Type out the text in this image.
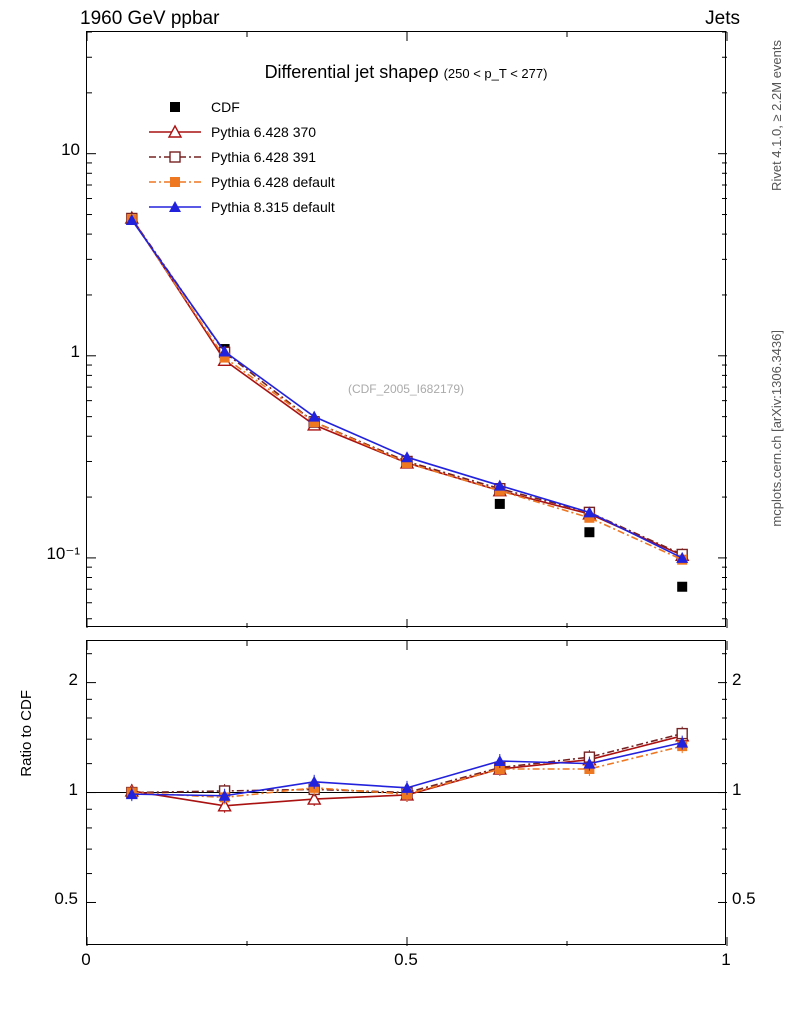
1960 GeV ppbar	Jets
Rivet 4.1.0, ≥ 2.2M events
mcplots.cern.ch [arXiv:1306.3436]
Differential jet shapeρ (250 < p_T < 277)
(CDF_2005_I682179)
CDF
Pythia 6.428 370
Pythia 6.428 391
Pythia 6.428 default
Pythia 8.315 default
Ratio to CDF
10⁻¹
1
10
0.5	0.5
1	1
2	2
0	0.5	1
